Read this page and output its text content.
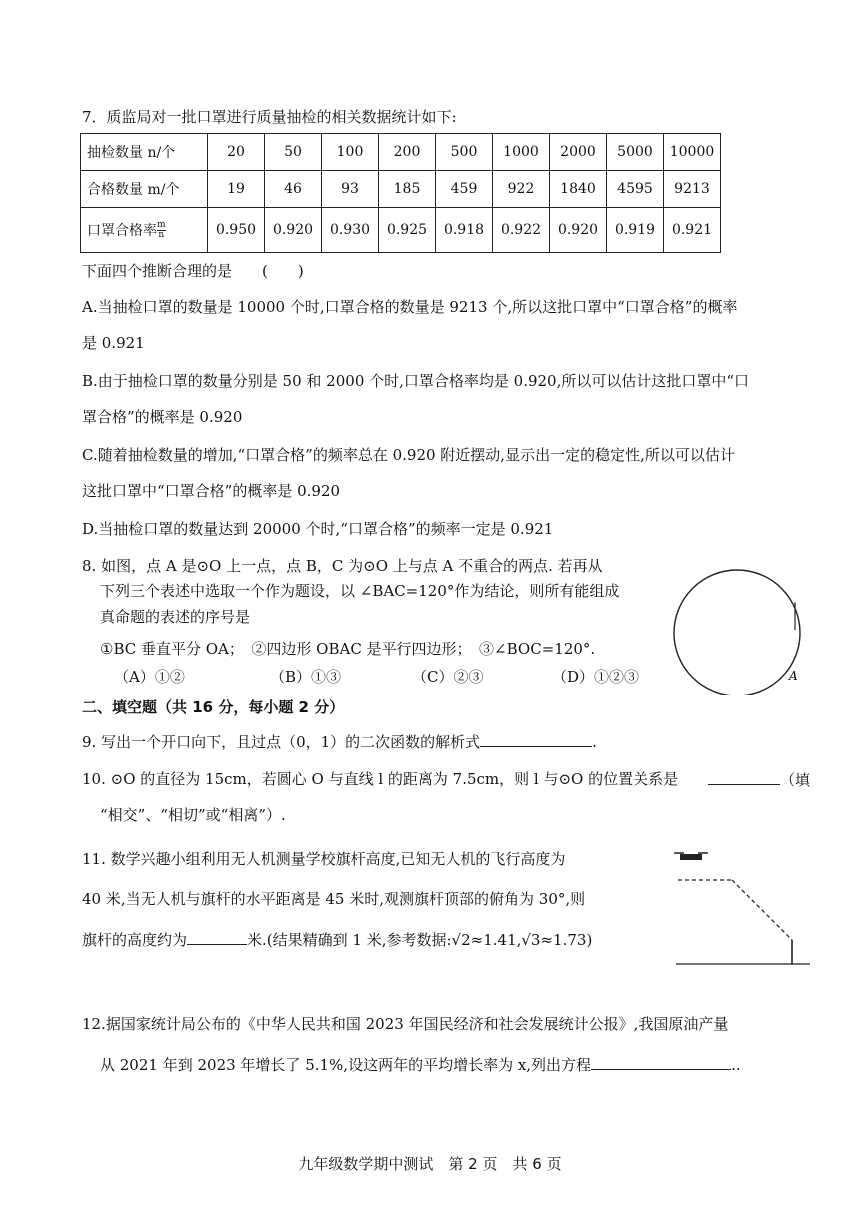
7．质监局对一批口罩进行质量抽检的相关数据统计如下:
抽检数量 n/个	20	50	100	200	500	1000	2000	5000	10000
合格数量 m/个	19	46	93	185	459	922	1840	4595	9213
口罩合格率 $\frac{m}{n}$	0.950	0.920	0.930	0.925	0.918	0.922	0.920	0.919	0.921
下面四个推断合理的是　　(　　)
A.当抽检口罩的数量是 10000 个时,口罩合格的数量是 9213 个,所以这批口罩中“口罩合格”的概率
是 0.921
B.由于抽检口罩的数量分别是 50 和 2000 个时,口罩合格率均是 0.920,所以可以估计这批口罩中“口
罩合格”的概率是 0.920
C.随着抽检数量的增加,“口罩合格”的频率总在 0.920 附近摆动,显示出一定的稳定性,所以可以估计
这批口罩中“口罩合格”的概率是 0.920
D.当抽检口罩的数量达到 20000 个时,“口罩合格”的频率一定是 0.921
8. 如图，点 A 是⊙O 上一点，点 B，C 为⊙O 上与点 A 不重合的两点. 若再从
下列三个表述中选取一个作为题设，以 ∠BAC=120°作为结论，则所有能组成
真命题的表述的序号是
①BC 垂直平分 OA；　②四边形 OBAC 是平行四边形；　③∠BOC=120°.
（A）①②	（B）①③	（C）②③	（D）①②③	A
二、填空题（共 16 分，每小题 2 分）
9. 写出一个开口向下，且过点（0，1）的二次函数的解析式	.
10. ⊙O 的直径为 15cm，若圆心 O 与直线 l 的距离为 7.5cm，则 l 与⊙O 的位置关系是	（填
“相交”、“相切”或“相离”）.
11. 数学兴趣小组利用无人机测量学校旗杆高度,已知无人机的飞行高度为
40 米,当无人机与旗杆的水平距离是 45 米时,观测旗杆顶部的俯角为 30°,则
旗杆的高度约为	米.(结果精确到 1 米,参考数据:√2≈1.41,√3≈1.73)
12.据国家统计局公布的《中华人民共和国 2023 年国民经济和社会发展统计公报》,我国原油产量
从 2021 年到 2023 年增长了 5.1%,设这两年的平均增长率为 x,列出方程	..
九年级数学期中测试　第 2 页　共 6 页
